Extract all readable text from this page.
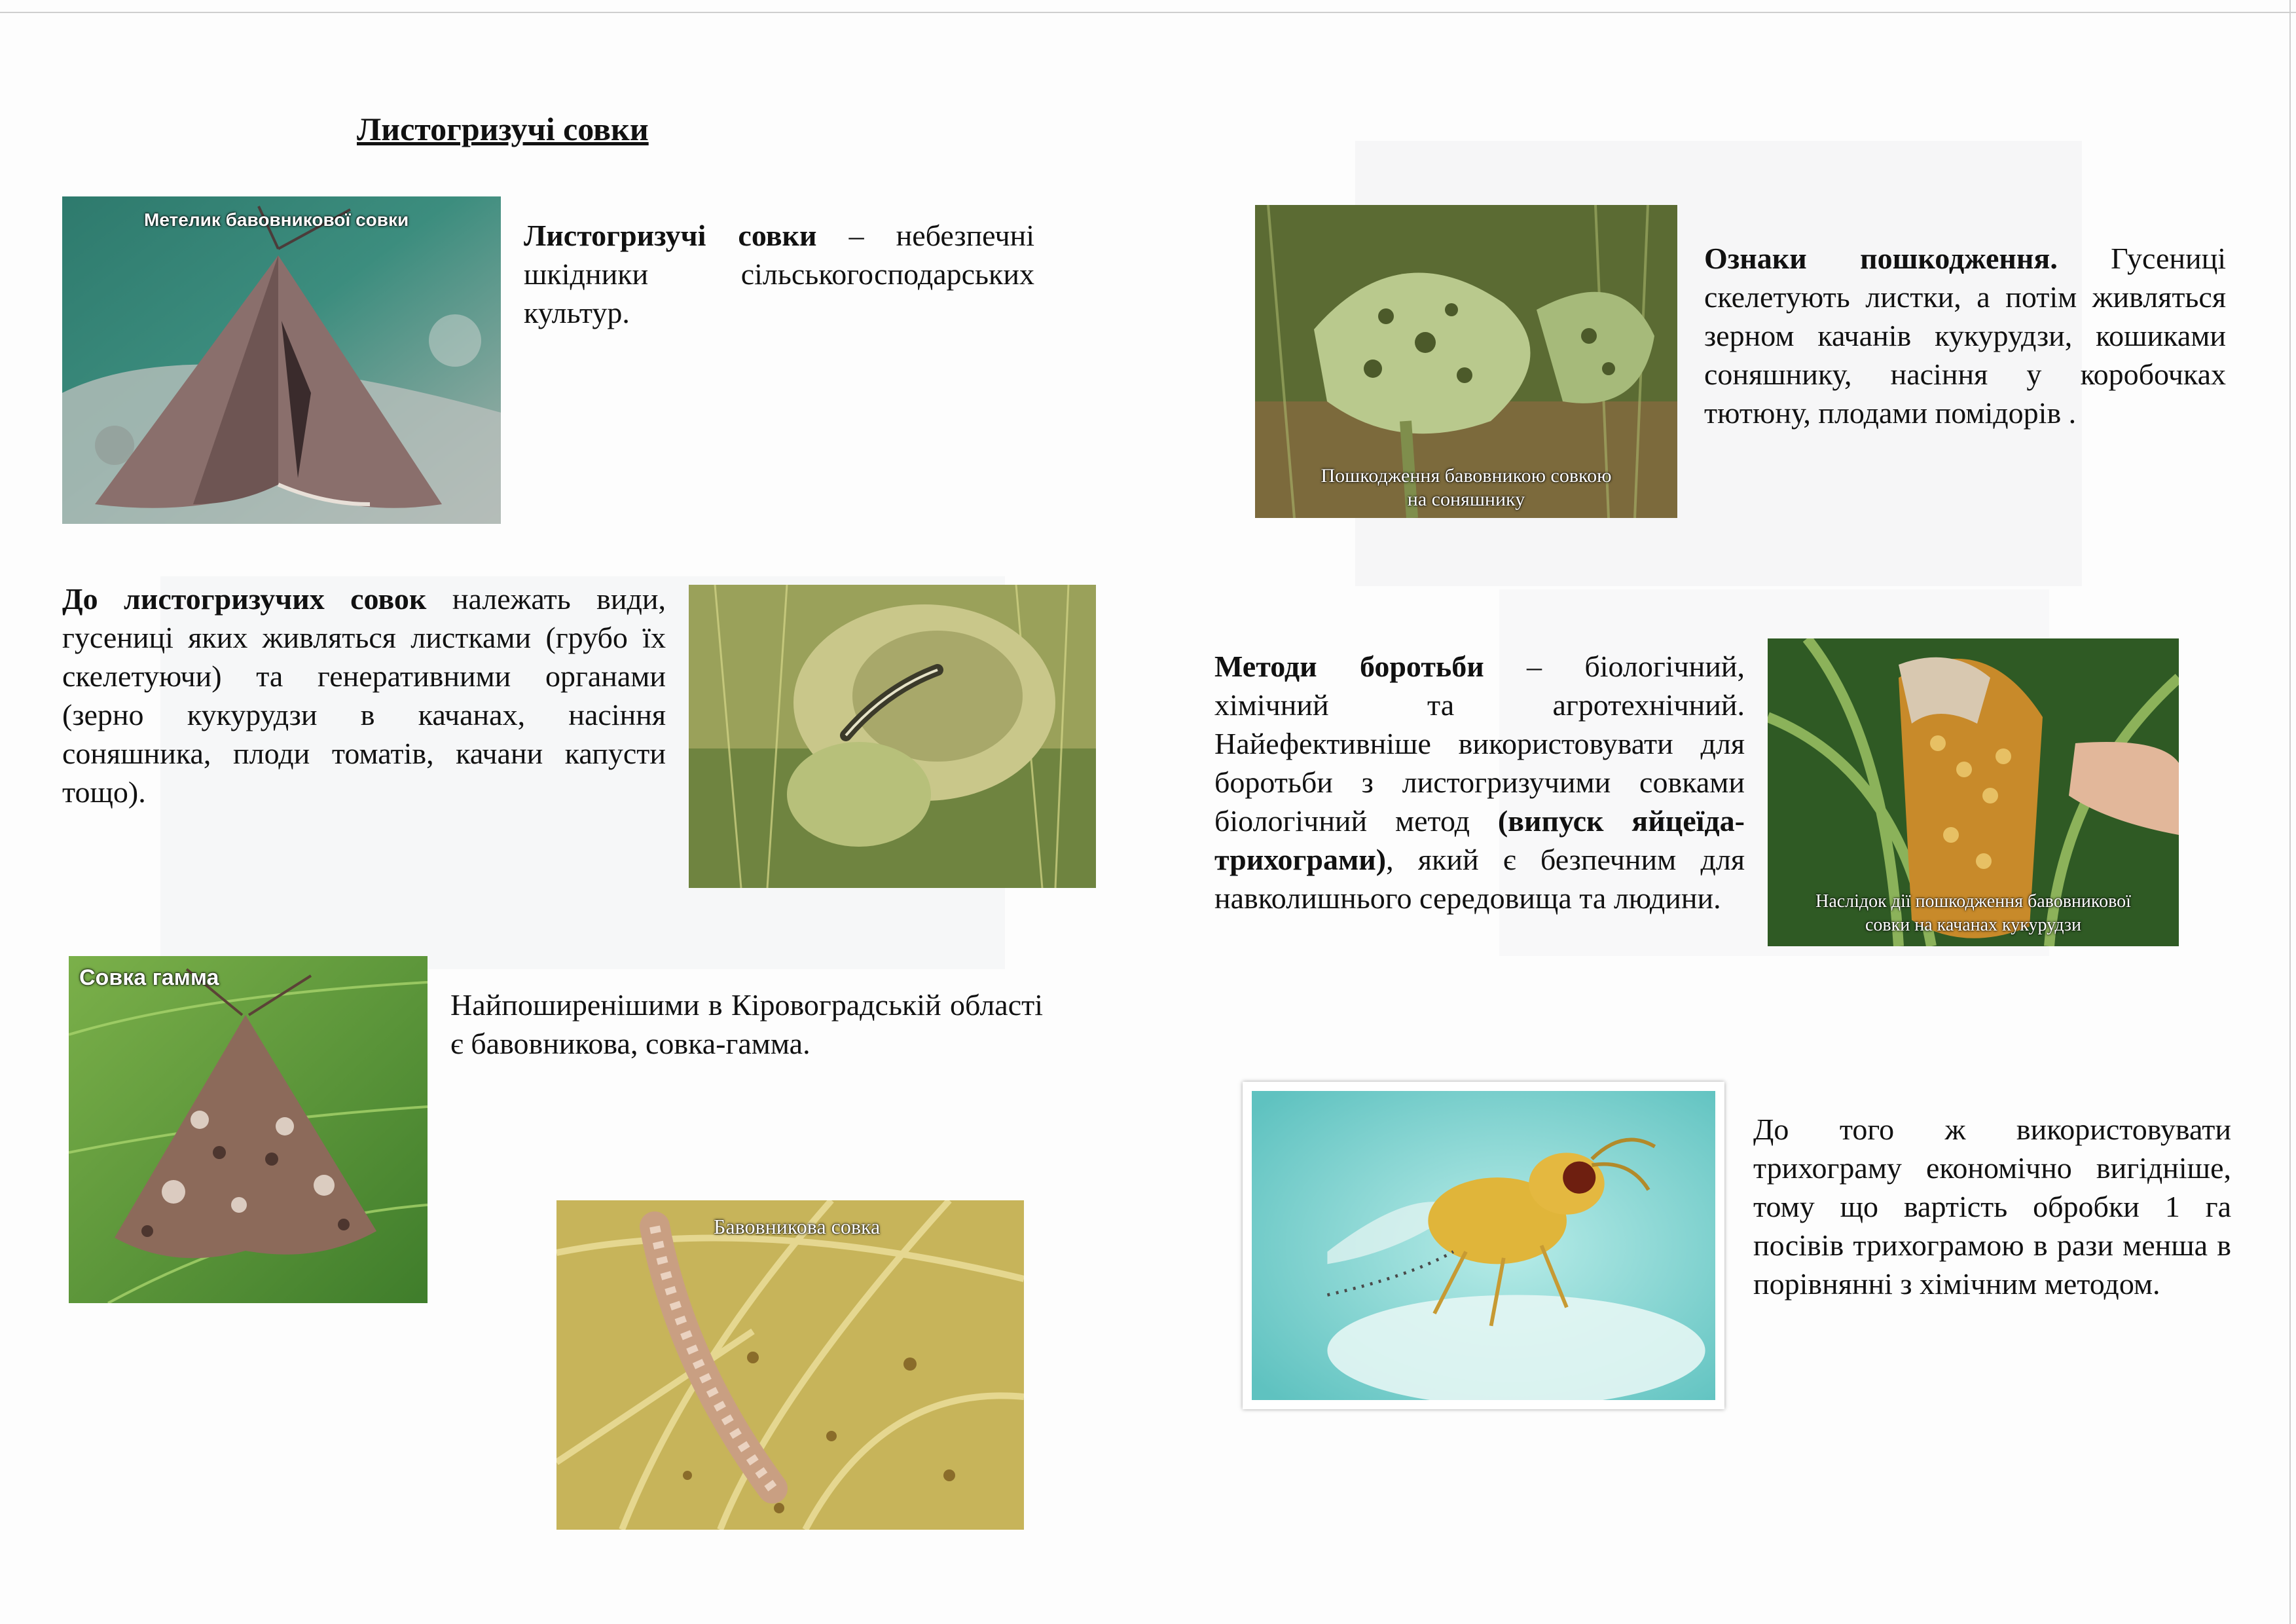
Листогризучі совки
Метелик бавовникової совки	Листогризучі совки – небезпечні шкідники сільськогосподарських культур.

До листогризучих совок належать види, гусениці яких живляться листками (грубо їх скелетуючи) та генеративними органами (зерно кукурудзи в качанах, насіння соняшника, плоди томатів, качани капусти тощо).

Совка гамма

Найпоширенішими в Кіровоградській області є бавовникова, совка-гамма.

Бавовникова совка
Пошкодження бавовникою совкою
на соняшнику

Ознаки пошкодження. Гусениці скелетують листки, а потім живляться зерном качанів кукурудзи, кошиками соняшнику, насіння у коробочках тютюну, плодами помідорів .

Методи боротьби – біологічний, хімічний та агротехнічний. Найефективніше використовувати для боротьби з листогризучими совками біологічний метод (випуск яйцеїда-трихограми), який є безпечним для навколишнього середовища та людини.	Наслідок дії пошкодження бавовникової
совки на качанах кукурудзи

До того ж використовувати трихограму економічно вигідніше, тому що вартість обробки 1 га посівів трихограмою в рази менша в порівнянні з хімічним методом.
